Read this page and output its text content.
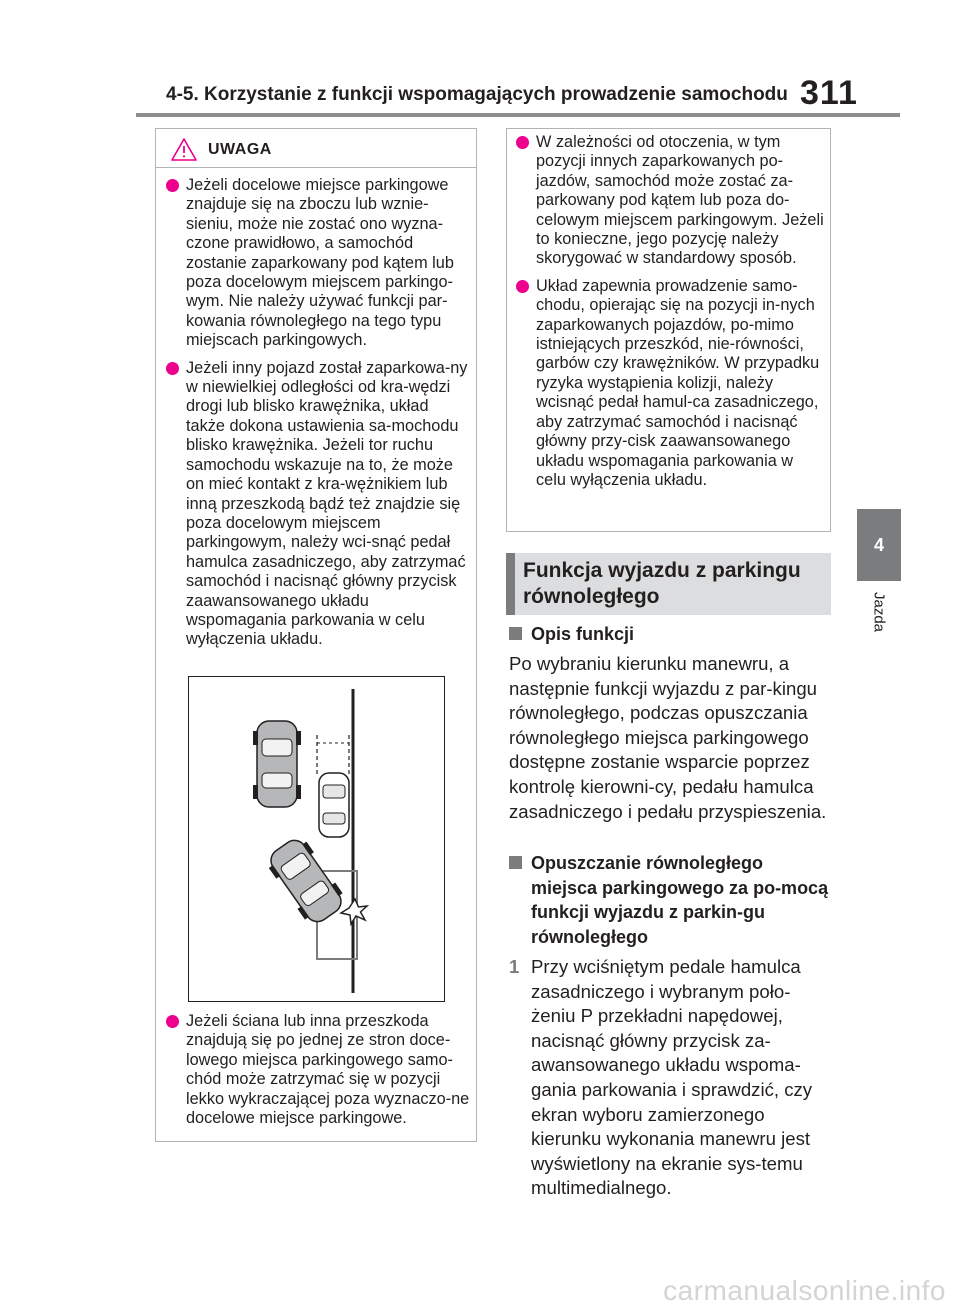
4-5. Korzystanie z funkcji wspomagających prowadzenie samochodu 311
4
Jazda
UWAGA
Jeżeli docelowe miejsce parkingowe znajduje się na zboczu lub wznie-sieniu, może nie zostać ono wyzna-czone prawidłowo, a samochód zostanie zaparkowany pod kątem lub poza docelowym miejscem parkingo-wym. Nie należy używać funkcji par-kowania równoległego na tego typu miejscach parkingowych.
Jeżeli inny pojazd został zaparkowa-ny w niewielkiej odległości od kra-wędzi drogi lub blisko krawężnika, układ także dokona ustawienia sa-mochodu blisko krawężnika. Jeżeli tor ruchu samochodu wskazuje na to, że może on mieć kontakt z kra-wężnikiem lub inną przeszkodą bądź też znajdzie się poza docelowym miejscem parkingowym, należy wci-snąć pedał hamulca zasadniczego, aby zatrzymać samochód i nacisnąć główny przycisk zaawansowanego układu wspomagania parkowania w celu wyłączenia układu.
Jeżeli ściana lub inna przeszkoda znajdują się po jednej ze stron doce-lowego miejsca parkingowego samo-chód może zatrzymać się w pozycji lekko wykraczającej poza wyznaczo-ne docelowe miejsce parkingowe.
W zależności od otoczenia, w tym pozycji innych zaparkowanych po-jazdów, samochód może zostać za-parkowany pod kątem lub poza do-celowym miejscem parkingowym. Jeżeli to konieczne, jego pozycję należy skorygować w standardowy sposób.
Układ zapewnia prowadzenie samo-chodu, opierając się na pozycji in-nych zaparkowanych pojazdów, po-mimo istniejących przeszkód, nie-równości, garbów czy krawężników. W przypadku ryzyka wystąpienia kolizji, należy wcisnąć pedał hamul-ca zasadniczego, aby zatrzymać samochód i nacisnąć główny przy-cisk zaawansowanego układu wspomagania parkowania w celu wyłączenia układu.
Funkcja wyjazdu z parkingu równoległego
Opis funkcji

Po wybraniu kierunku manewru, a następnie funkcji wyjazdu z par-kingu równoległego, podczas opuszczania równoległego miejsca parkingowego dostępne zostanie wsparcie poprzez kontrolę kierowni-cy, pedału hamulca zasadniczego i pedału przyspieszenia.

Opuszczanie równoległego miejsca parkingowego za po-mocą funkcji wyjazdu z parkin-gu równoległego
1 Przy wciśniętym pedale hamulca zasadniczego i wybranym poło-żeniu P przekładni napędowej, nacisnąć główny przycisk za-awansowanego układu wspoma-gania parkowania i sprawdzić, czy ekran wyboru zamierzonego kierunku wykonania manewru jest wyświetlony na ekranie sys-temu multimedialnego.
carmanualsonline.info
